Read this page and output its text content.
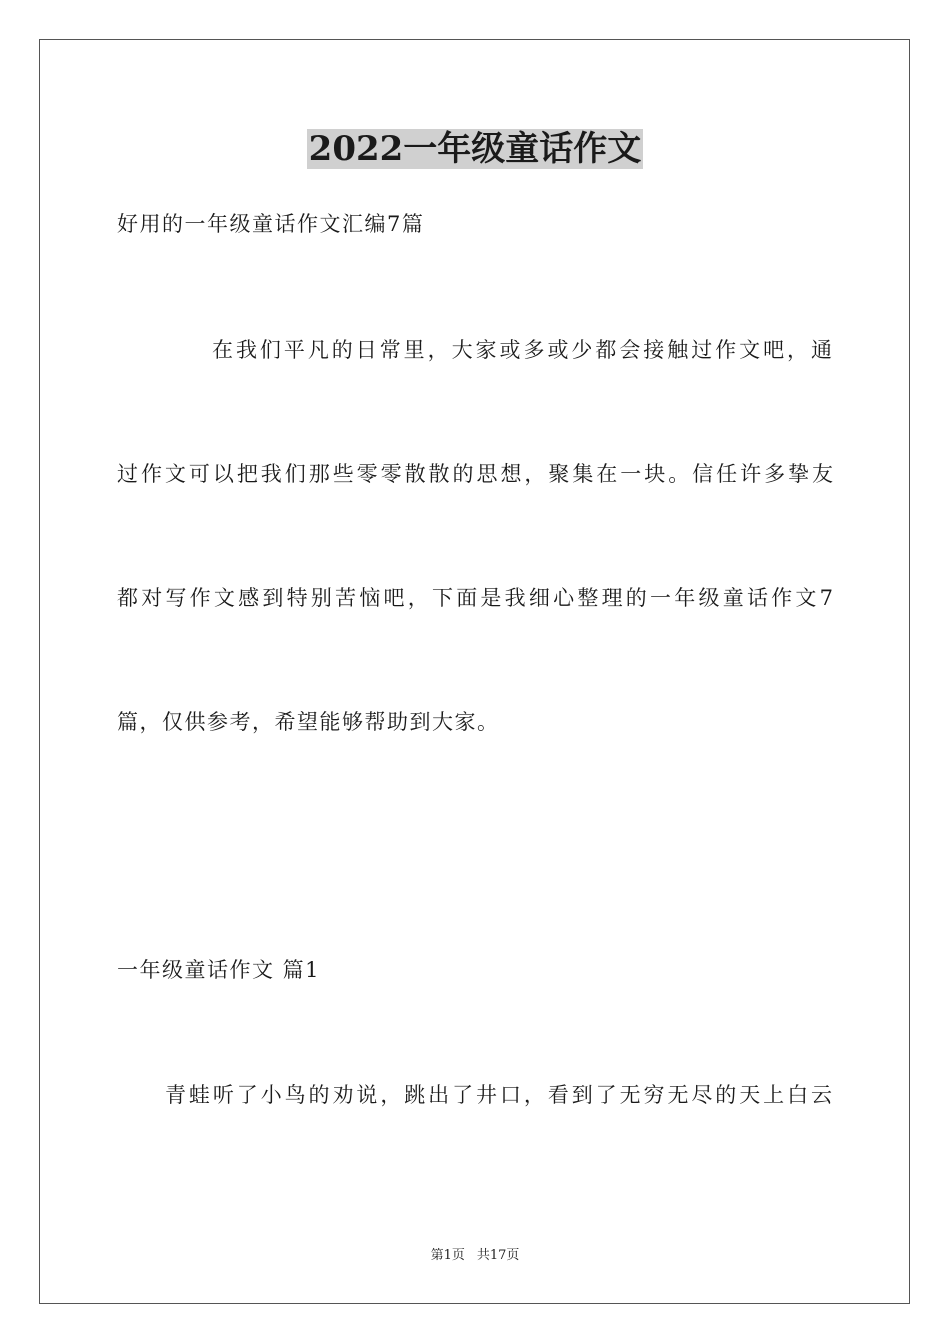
2022一年级童话作文
好用的一年级童话作文汇编7篇
在我们平凡的日常里，大家或多或少都会接触过作文吧，通
过作文可以把我们那些零零散散的思想，聚集在一块。信任许多挚友
都对写作文感到特别苦恼吧，下面是我细心整理的一年级童话作文7
篇，仅供参考，希望能够帮助到大家。
一年级童话作文 篇1
青蛙听了小鸟的劝说，跳出了井口，看到了无穷无尽的天上白云
第1页 共17页
